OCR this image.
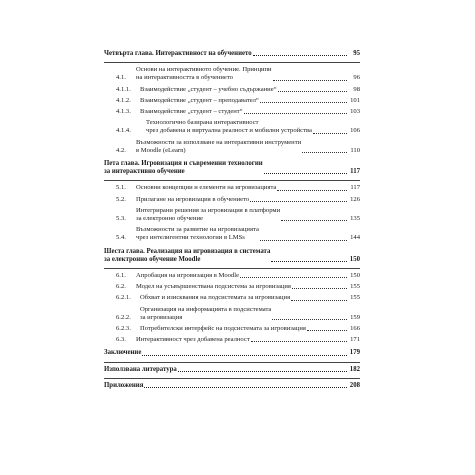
Четвърта глава. Интерактивност на обучението	95
4.1.
Основи на интерактивното обучение. Принципи
на интерактивността в обучението	96
4.1.1.	Взаимодействие „студент – учебно съдържание“	98
4.1.2.	Взаимодействие „студент – преподавател“	101
4.1.3.	Взаимодействие „студент – студент“	103
4.1.4.
Технологично базирана интерактивност
чрез добавена и виртуална реалност и мобилни устройства	106
4.2.
Възможности за използване на интерактивни инструменти
в Moodle (eLearn)	110
Пета глава. Игровизация и съвременни технологии
за интерактивно обучение	117
5.1.	Основни концепции и елементи на игровизацията	117
5.2.	Прилагане на игровизация в обучението	126
5.3.
Интегрирани решения за игровизация в платформи
за електронно обучение	135
5.4.
Възможности за развитие на игровизацията
чрез интелигентни технологии в LMSs	144
Шеста глава. Реализация на игровизация в системата
за електронно обучение Moodle	150
6.1.	Апробация на игровизация в Moodle	150
6.2.	Модел на усъвършенствана подсистема за игровизация	155
6.2.1.	Обхват и изисквания на подсистемата за игровизация	155
6.2.2.
Организация на информацията в подсистемата
за игровизация	159
6.2.3.	Потребителски интерфейс на подсистемата за игровизация	166
6.3.	Интерактивност чрез добавена реалност	171
Заключение	179
Използвана литература	182
Приложения	208
